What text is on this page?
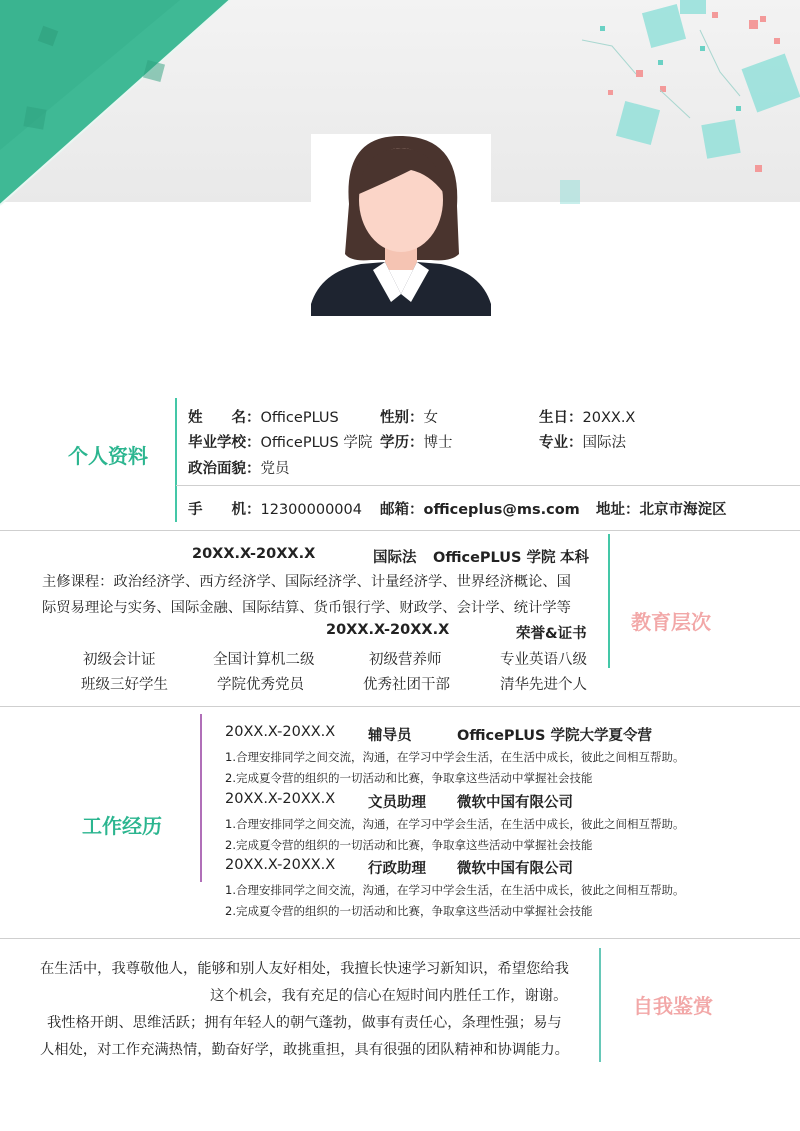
个人资料
姓　　名：OfficePLUS	性别：女	生日：20XX.X
毕业学校：OfficePLUS 学院 学历：博士	专业：国际法
政治面貌：党员
手　　机：12300000004 邮箱：officeplus@ms.com 地址：北京市海淀区
20XX.X-20XX.X	国际法 OfficePLUS 学院 本科
主修课程：政治经济学、西方经济学、国际经济学、计量经济学、世界经济概论、国
际贸易理论与实务、国际金融、国际结算、货币银行学、财政学、会计学、统计学等
20XX.X-20XX.X	荣誉&证书
初级会计证	全国计算机二级	初级营养师	专业英语八级
班级三好学生	学院优秀党员	优秀社团干部	清华先进个人
教育层次
工作经历
20XX.X-20XX.X 辅导员	OfficePLUS 学院大学夏令营
1.合理安排同学之间交流，沟通，在学习中学会生活，在生活中成长，彼此之间相互帮助。
2.完成夏令营的组织的一切活动和比赛，争取拿这些活动中掌握社会技能
20XX.X-20XX.X 文员助理 微软中国有限公司
1.合理安排同学之间交流，沟通，在学习中学会生活，在生活中成长，彼此之间相互帮助。
2.完成夏令营的组织的一切活动和比赛，争取拿这些活动中掌握社会技能
20XX.X-20XX.X 行政助理 微软中国有限公司
1.合理安排同学之间交流，沟通，在学习中学会生活，在生活中成长，彼此之间相互帮助。
2.完成夏令营的组织的一切活动和比赛，争取拿这些活动中掌握社会技能
在生活中，我尊敬他人，能够和别人友好相处，我擅长快速学习新知识，希望您给我
这个机会，我有充足的信心在短时间内胜任工作，谢谢。
我性格开朗、思维活跃；拥有年轻人的朝气蓬勃，做事有责任心，条理性强；易与
人相处，对工作充满热情，勤奋好学，敢挑重担，具有很强的团队精神和协调能力。
自我鉴赏
